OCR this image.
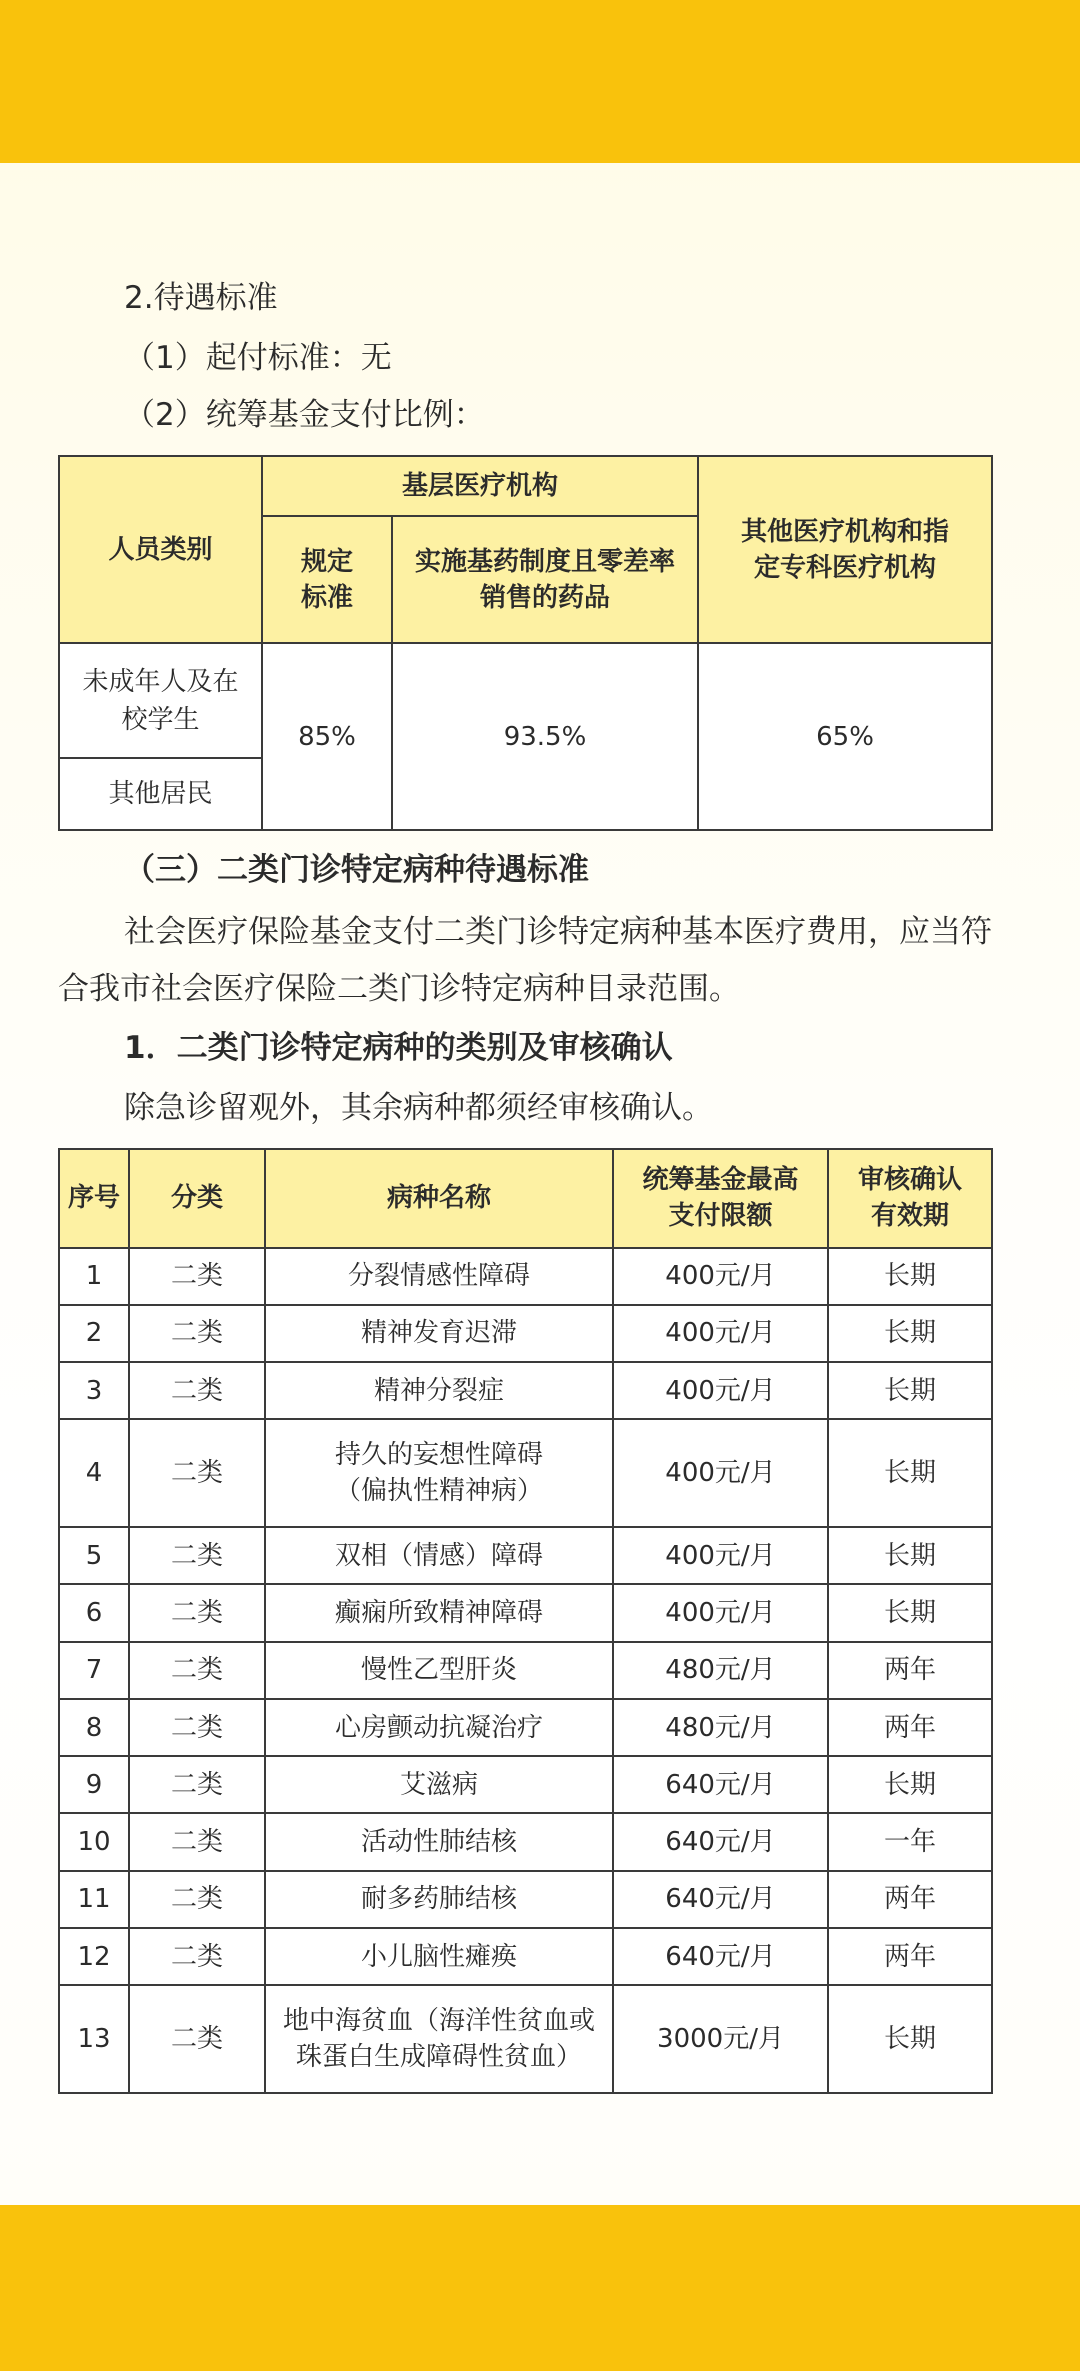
2.待遇标准
（1）起付标准：无
（2）统筹基金支付比例：
人员类别	基层医疗机构		其他医疗机构和指定专科医疗机构
	规定标准	实施基药制度且零差率销售的药品	
未成年人及在校学生	85%	93.5%	65%
其他居民			
（三）二类门诊特定病种待遇标准
社会医疗保险基金支付二类门诊特定病种基本医疗费用，应当符合我市社会医疗保险二类门诊特定病种目录范围。
1．二类门诊特定病种的类别及审核确认
除急诊留观外，其余病种都须经审核确认。
序号	分类	病种名称	统筹基金最高支付限额	审核确认有效期
1	二类	分裂情感性障碍	400元/月	长期
2	二类	精神发育迟滞	400元/月	长期
3	二类	精神分裂症	400元/月	长期
4	二类	持久的妄想性障碍（偏执性精神病）	400元/月	长期
5	二类	双相（情感）障碍	400元/月	长期
6	二类	癫痫所致精神障碍	400元/月	长期
7	二类	慢性乙型肝炎	480元/月	两年
8	二类	心房颤动抗凝治疗	480元/月	两年
9	二类	艾滋病	640元/月	长期
10	二类	活动性肺结核	640元/月	一年
11	二类	耐多药肺结核	640元/月	两年
12	二类	小儿脑性瘫痪	640元/月	两年
13	二类	地中海贫血（海洋性贫血或珠蛋白生成障碍性贫血）	3000元/月	长期
